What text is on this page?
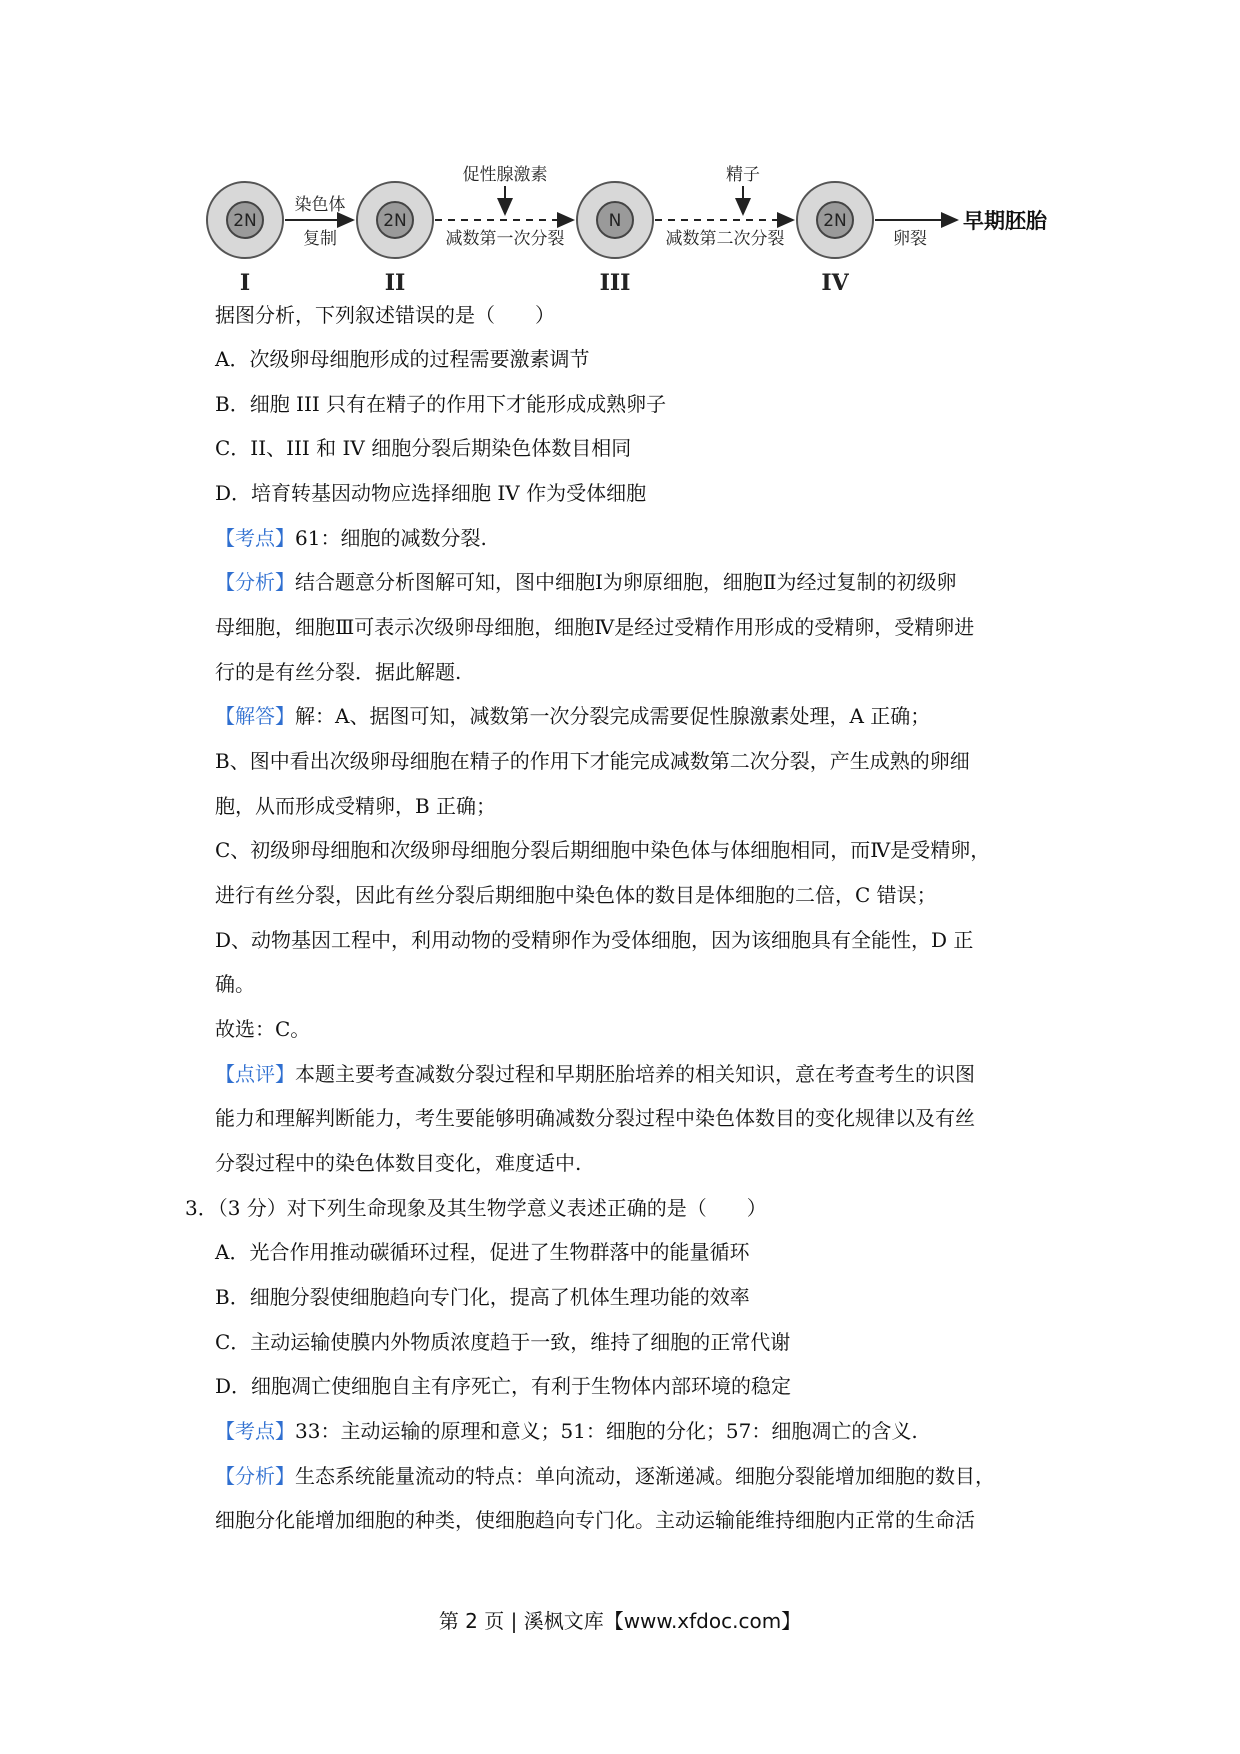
2N
I
染色体
复制
2N
II
减数第一次分裂
促性腺激素
N
III
减数第二次分裂
精子
2N
IV
卵裂
早期胚胎
据图分析，下列叙述错误的是（　　）
A．次级卵母细胞形成的过程需要激素调节
B．细胞 III 只有在精子的作用下才能形成成熟卵子
C．II、III 和 IV 细胞分裂后期染色体数目相同
D．培育转基因动物应选择细胞 IV 作为受体细胞
【考点】61：细胞的减数分裂.
【分析】结合题意分析图解可知，图中细胞Ⅰ为卵原细胞，细胞Ⅱ为经过复制的初级卵
母细胞，细胞Ⅲ可表示次级卵母细胞，细胞Ⅳ是经过受精作用形成的受精卵，受精卵进
行的是有丝分裂．据此解题.
【解答】解：A、据图可知，减数第一次分裂完成需要促性腺激素处理，A 正确；
B、图中看出次级卵母细胞在精子的作用下才能完成减数第二次分裂，产生成熟的卵细
胞，从而形成受精卵，B 正确；
C、初级卵母细胞和次级卵母细胞分裂后期细胞中染色体与体细胞相同，而Ⅳ是受精卵，
进行有丝分裂，因此有丝分裂后期细胞中染色体的数目是体细胞的二倍，C 错误；
D、动物基因工程中，利用动物的受精卵作为受体细胞，因为该细胞具有全能性，D 正
确。
故选：C。
【点评】本题主要考查减数分裂过程和早期胚胎培养的相关知识，意在考查考生的识图
能力和理解判断能力，考生要能够明确减数分裂过程中染色体数目的变化规律以及有丝
分裂过程中的染色体数目变化，难度适中.
3．（3 分）对下列生命现象及其生物学意义表述正确的是（　　）
A．光合作用推动碳循环过程，促进了生物群落中的能量循环
B．细胞分裂使细胞趋向专门化，提高了机体生理功能的效率
C．主动运输使膜内外物质浓度趋于一致，维持了细胞的正常代谢
D．细胞凋亡使细胞自主有序死亡，有利于生物体内部环境的稳定
【考点】33：主动运输的原理和意义；51：细胞的分化；57：细胞凋亡的含义.
【分析】生态系统能量流动的特点：单向流动，逐渐递减。细胞分裂能增加细胞的数目，
细胞分化能增加细胞的种类，使细胞趋向专门化。主动运输能维持细胞内正常的生命活
第 2 页 | 溪枫文库【www.xfdoc.com】
